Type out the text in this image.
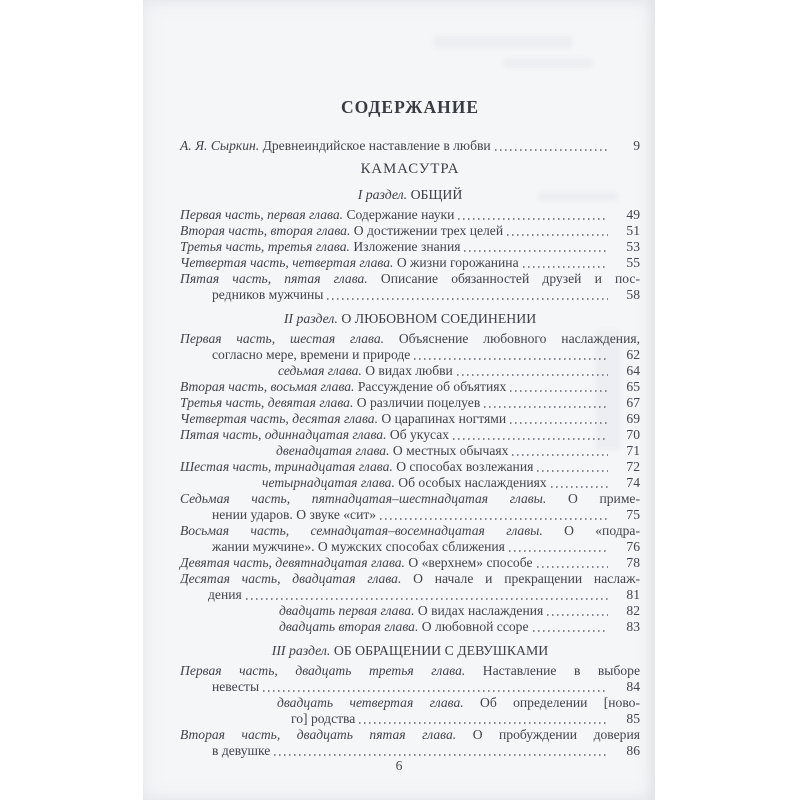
СОДЕРЖАНИЕ
А. Я. Сыркин. Древнеиндийское наставление в любви	9
КАМАСУТРА
I раздел. ОБЩИЙ
Первая часть, первая глава. Содержание науки	49
Вторая часть, вторая глава. О достижении трех целей	51
Третья часть, третья глава. Изложение знания	53
Четвертая часть, четвертая глава. О жизни горожанина	55
Пятая часть, пятая глава. Описание обязанностей друзей и пос-
редников мужчины	58
II раздел. О ЛЮБОВНОМ СОЕДИНЕНИИ
Первая часть, шестая глава. Объяснение любовного наслаждения,
согласно мере, времени и природе	62
седьмая глава. О видах любви	64
Вторая часть, восьмая глава. Рассуждение об объятиях	65
Третья часть, девятая глава. О различии поцелуев	67
Четвертая часть, десятая глава. О царапинах ногтями	69
Пятая часть, одиннадцатая глава. Об укусах	70
двенадцатая глава. О местных обычаях	71
Шестая часть, тринадцатая глава. О способах возлежания	72
четырнадцатая глава. Об особых наслаждениях	74
Седьмая часть, пятнадцатая–шестнадцатая главы. О приме-
нении ударов. О звуке «сит»	75
Восьмая часть, семнадцатая–восемнадцатая главы. О «подра-
жании мужчине». О мужских способах сближения	76
Девятая часть, девятнадцатая глава. О «верхнем» способе	78
Десятая часть, двадцатая глава. О начале и прекращении наслаж-
дения	81
двадцать первая глава. О видах наслаждения	82
двадцать вторая глава. О любовной ссоре	83
III раздел. ОБ ОБРАЩЕНИИ С ДЕВУШКАМИ
Первая часть, двадцать третья глава. Наставление в выборе
невесты	84
двадцать четвертая глава. Об определении [ново-
го] родства	85
Вторая часть, двадцать пятая глава. О пробуждении доверия
в девушке	86
6
